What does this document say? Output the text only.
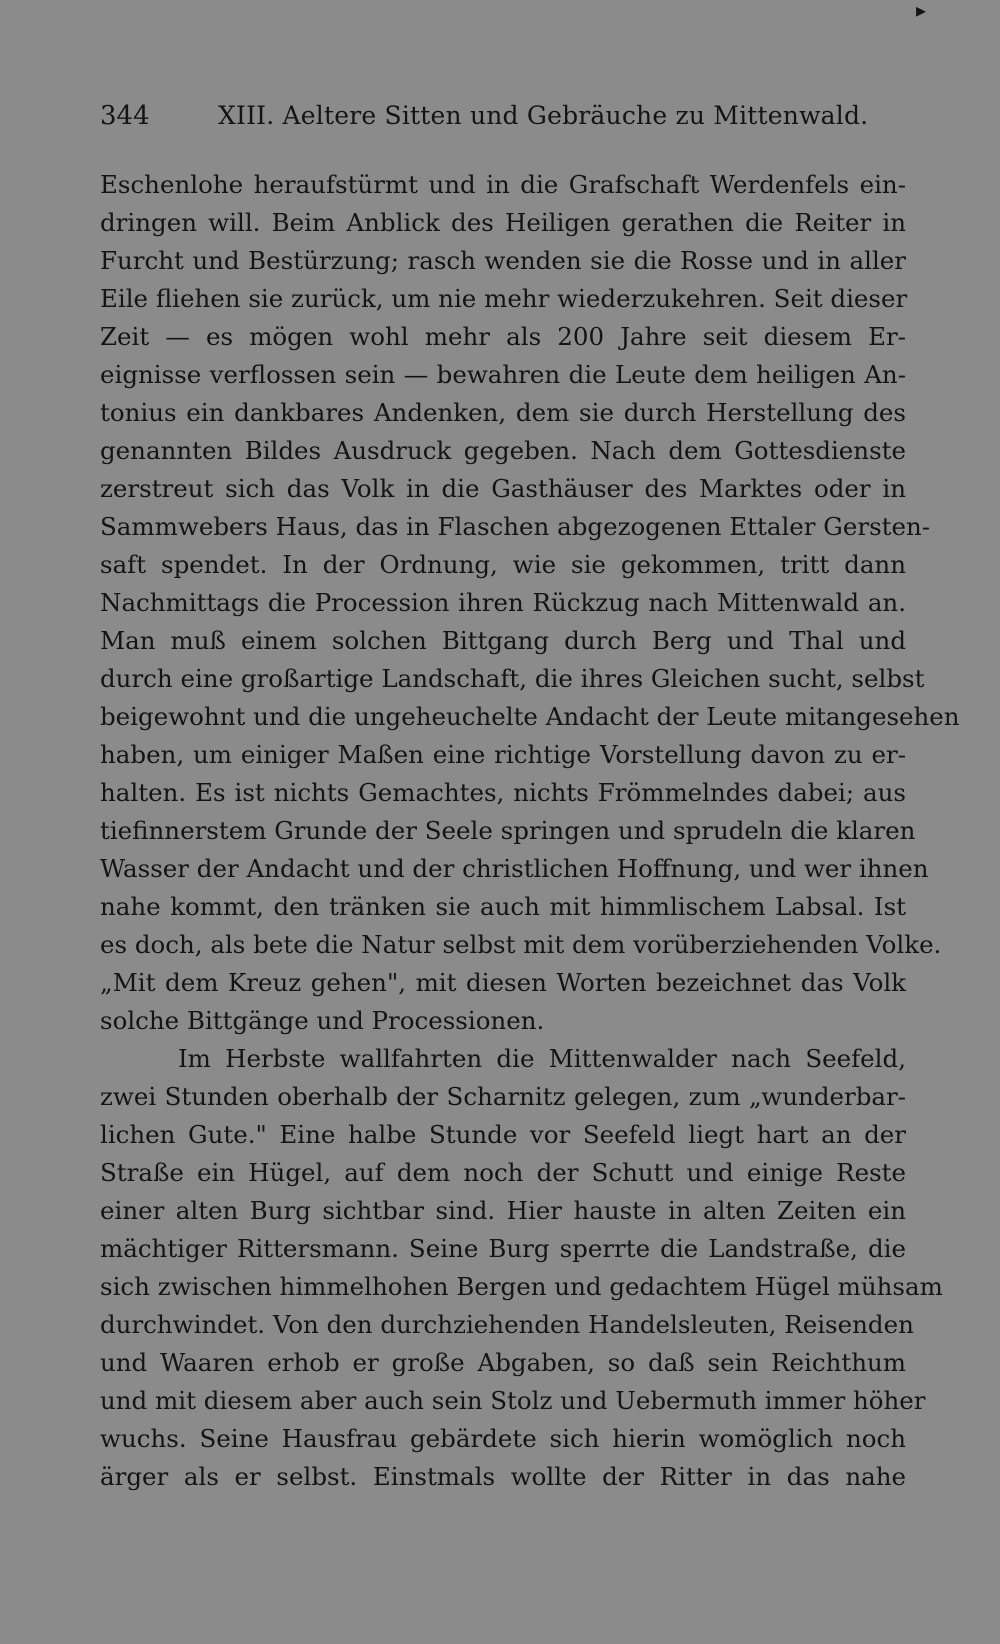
▸
344	XIII. Aeltere Sitten und Gebräuche zu Mittenwald.
Eschenlohe heraufstürmt und in die Grafschaft Werdenfels ein-
dringen will. Beim Anblick des Heiligen gerathen die Reiter in
Furcht und Bestürzung; rasch wenden sie die Rosse und in aller
Eile fliehen sie zurück, um nie mehr wiederzukehren. Seit dieser
Zeit — es mögen wohl mehr als 200 Jahre seit diesem Er-
eignisse verflossen sein — bewahren die Leute dem heiligen An-
tonius ein dankbares Andenken, dem sie durch Herstellung des
genannten Bildes Ausdruck gegeben. Nach dem Gottesdienste
zerstreut sich das Volk in die Gasthäuser des Marktes oder in
Sammwebers Haus, das in Flaschen abgezogenen Ettaler Gersten-
saft spendet. In der Ordnung, wie sie gekommen, tritt dann
Nachmittags die Procession ihren Rückzug nach Mittenwald an.
Man muß einem solchen Bittgang durch Berg und Thal und
durch eine großartige Landschaft, die ihres Gleichen sucht, selbst
beigewohnt und die ungeheuchelte Andacht der Leute mitangesehen
haben, um einiger Maßen eine richtige Vorstellung davon zu er-
halten. Es ist nichts Gemachtes, nichts Frömmelndes dabei; aus
tiefinnerstem Grunde der Seele springen und sprudeln die klaren
Wasser der Andacht und der christlichen Hoffnung, und wer ihnen
nahe kommt, den tränken sie auch mit himmlischem Labsal. Ist
es doch, als bete die Natur selbst mit dem vorüberziehenden Volke.
„Mit dem Kreuz gehen", mit diesen Worten bezeichnet das Volk
solche Bittgänge und Processionen.
Im Herbste wallfahrten die Mittenwalder nach Seefeld,
zwei Stunden oberhalb der Scharnitz gelegen, zum „wunderbar-
lichen Gute." Eine halbe Stunde vor Seefeld liegt hart an der
Straße ein Hügel, auf dem noch der Schutt und einige Reste
einer alten Burg sichtbar sind. Hier hauste in alten Zeiten ein
mächtiger Rittersmann. Seine Burg sperrte die Landstraße, die
sich zwischen himmelhohen Bergen und gedachtem Hügel mühsam
durchwindet. Von den durchziehenden Handelsleuten, Reisenden
und Waaren erhob er große Abgaben, so daß sein Reichthum
und mit diesem aber auch sein Stolz und Uebermuth immer höher
wuchs. Seine Hausfrau gebärdete sich hierin womöglich noch
ärger als er selbst. Einstmals wollte der Ritter in das nahe
